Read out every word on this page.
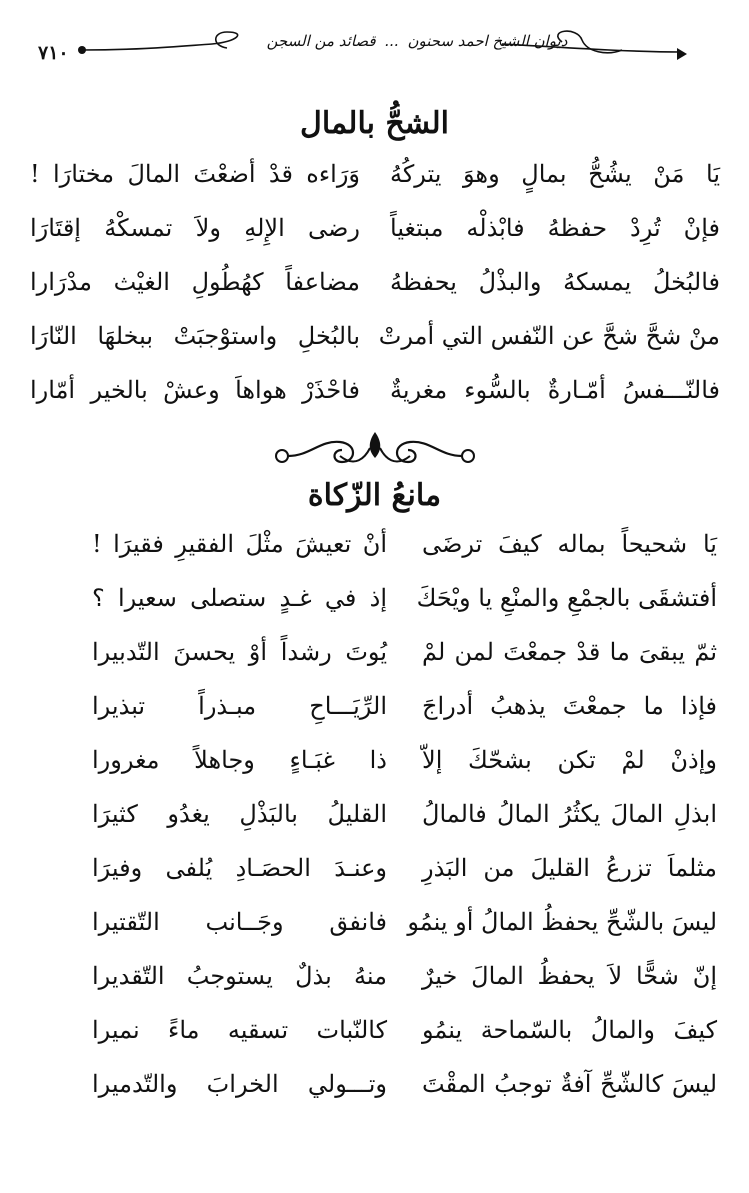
٧١٠
ديوان الشيخ احمد سحنون ... قصائد من السجن
الشحُّ بالمال
يَا مَنْ يشُحُّ بمالٍ وهوَ يتركُهُ
وَرَاءه قدْ أضعْتَ المالَ مختارَا !
فإنْ تُرِدْ حفظهُ فابْذلْه مبتغياً
رضى الإِلهِ ولاَ تمسكْهُ إقتَارَا
فالبُخلُ يمسكهُ والبذْلُ يحفظهُ
مضاعفاً كهُطُولِ الغيْث مدْرَارا
منْ شحَّ شحَّ عن النّفس التي أمرتْ
بالبُخلِ واستوْجبَتْ ببخلهَا النّارَا
فالنّـــفسُ أمّـارةٌ بالسُّوء مغريةٌ
فاحْذَرْ هواهاَ وعشْ بالخير أمّارا
مانعُ الزّكاة
يَا شحيحاً بماله كيفَ ترضَى
أنْ تعيشَ مثْلَ الفقيرِ فقيرَا !
أفتشقَى بالجمْعِ والمنْعِ يا ويْحَكَ
إذ في غـدٍ ستصلى سعيرا ؟
ثمّ يبقىَ ما قدْ جمعْتَ لمن لمْ
يُوتَ رشداً أوْ يحسنَ التّدبيرا
فإذا ما جمعْتَ يذهبُ أدراجَ
الرِّيَـــاحِ مبـذراً تبذيرا
وإذنْ لمْ تكن بشحّكَ إلاّ
ذا غبَـاءٍ وجاهلاً مغرورا
ابذلِ المالَ يكثُرُ المالُ فالمالُ
القليلُ بالبَذْلِ يغدُو كثيرَا
مثلماَ تزرعُ القليلَ من البَذرِ
وعنـدَ الحصَـادِ يُلفى وفيرَا
ليسَ بالشّحِّ يحفظُ المالُ أو ينمُو
فانفق وجَــانب التّقتيرا
إنّ شحًّا لاَ يحفظُ المالَ خيرٌ
منهُ بذلٌ يستوجبُ التّقديرا
كيفَ والمالُ بالسّماحة ينمُو
كالنّبات تسقيه ماءً نميرا
ليسَ كالشّحِّ آفةٌ توجبُ المقْتَ
وتـــولي الخرابَ والتّدميرا
